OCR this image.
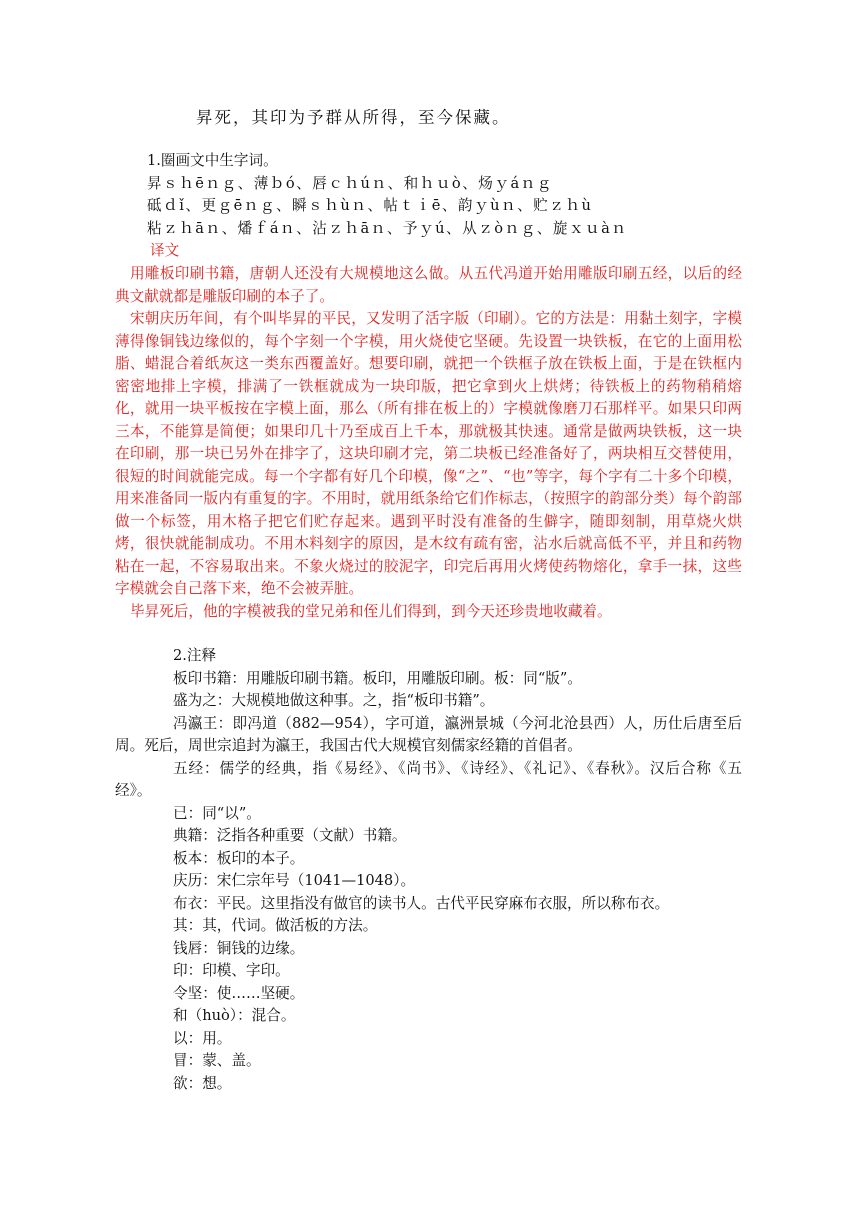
昇死，其印为予群从所得，至今保藏。
1.圈画文中生字词。
昇ｓｈēｎｇ、薄ｂó、唇ｃｈúｎ、和ｈｕò、炀ｙáｎｇ
砥ｄǐ、更ｇēｎｇ、瞬ｓｈùｎ、帖ｔｉē、韵ｙùｎ、贮ｚｈù
粘ｚｈāｎ、燔ｆáｎ、沾ｚｈāｎ、予ｙú、从ｚòｎｇ、旋ｘｕàｎ
译文
用雕板印刷书籍，唐朝人还没有大规模地这么做。从五代冯道开始用雕版印刷五经，以后的经典文献就都是雕版印刷的本子了。
宋朝庆历年间，有个叫毕昇的平民，又发明了活字版（印刷）。它的方法是：用黏土刻字，字模薄得像铜钱边缘似的，每个字刻一个字模，用火烧使它坚硬。先设置一块铁板，在它的上面用松脂、蜡混合着纸灰这一类东西覆盖好。想要印刷，就把一个铁框子放在铁板上面，于是在铁框内密密地排上字模，排满了一铁框就成为一块印版，把它拿到火上烘烤；待铁板上的药物稍稍熔化，就用一块平板按在字模上面，那么（所有排在板上的）字模就像磨刀石那样平。如果只印两三本，不能算是简便；如果印几十乃至成百上千本，那就极其快速。通常是做两块铁板，这一块在印刷，那一块已另外在排字了，这块印刷才完，第二块板已经准备好了，两块相互交替使用，很短的时间就能完成。每一个字都有好几个印模，像“之”、“也”等字，每个字有二十多个印模，用来准备同一版内有重复的字。不用时，就用纸条给它们作标志，（按照字的韵部分类）每个韵部做一个标签，用木格子把它们贮存起来。遇到平时没有准备的生僻字，随即刻制，用草烧火烘烤，很快就能制成功。不用木料刻字的原因，是木纹有疏有密，沾水后就高低不平，并且和药物粘在一起，不容易取出来。不象火烧过的胶泥字，印完后再用火烤使药物熔化，拿手一抹，这些字模就会自己落下来，绝不会被弄脏。
毕昇死后，他的字模被我的堂兄弟和侄儿们得到，到今天还珍贵地收藏着。
2.注释
板印书籍：用雕版印刷书籍。板印，用雕版印刷。板：同“版”。
盛为之：大规模地做这种事。之，指“板印书籍”。
冯瀛王：即冯道（882—954），字可道，瀛洲景城（今河北沧县西）人，历仕后唐至后周。死后，周世宗追封为瀛王，我国古代大规模官刻儒家经籍的首倡者。
五经：儒学的经典，指《易经》、《尚书》、《诗经》、《礼记》、《春秋》。汉后合称《五经》。
已：同“以”。
典籍：泛指各种重要（文献）书籍。
板本：板印的本子。
庆历：宋仁宗年号（1041—1048）。
布衣：平民。这里指没有做官的读书人。古代平民穿麻布衣服，所以称布衣。
其：其，代词。做活板的方法。
钱唇：铜钱的边缘。
印：印模、字印。
令坚：使……坚硬。
和（huò）：混合。
以：用。
冒：蒙、盖。
欲：想。
